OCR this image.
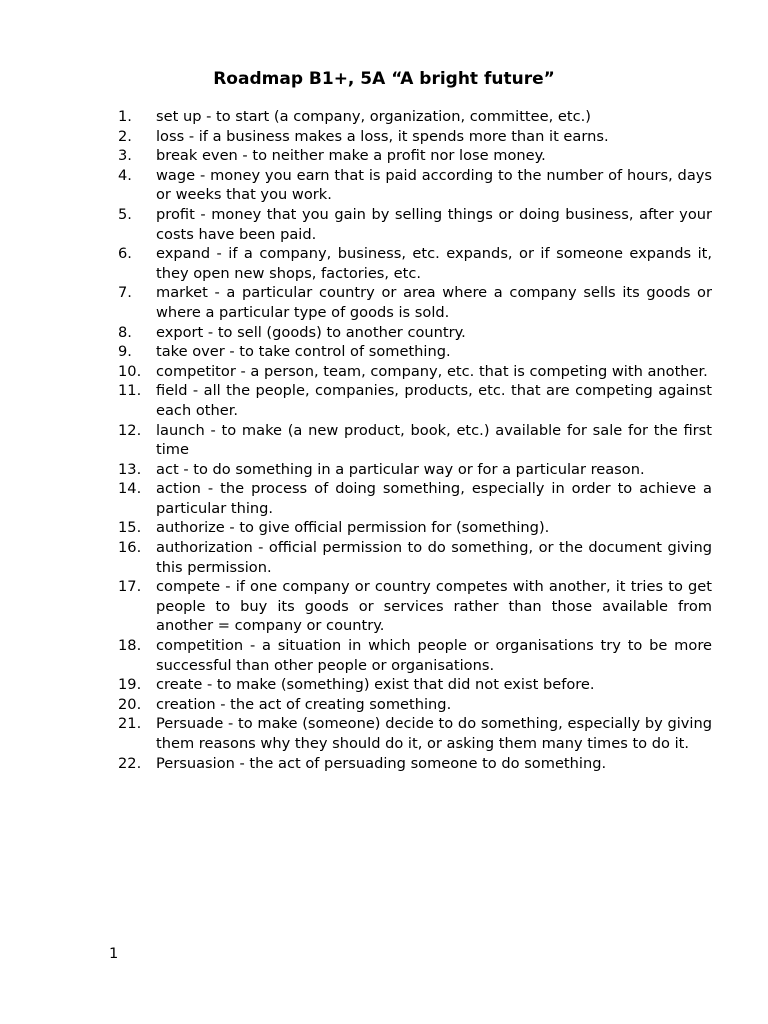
Roadmap B1+, 5A “A bright future”
1.	set up - to start (a company, organization, committee, etc.)
2.	loss - if a business makes a loss, it spends more than it earns.
3.	break even - to neither make a profit nor lose money.
4.	wage - money you earn that is paid according to the number of hours, days or weeks that you work.
5.	profit - money that you gain by selling things or doing business, after your costs have been paid.
6.	expand - if a company, business, etc. expands, or if someone expands it, they open new shops, factories, etc.
7.	market - a particular country or area where a company sells its goods or where a particular type of goods is sold.
8.	export - to sell (goods) to another country.
9.	take over - to take control of something.
10.	competitor - a person, team, company, etc. that is competing with another.
11.	field - all the people, companies, products, etc. that are competing against each other.
12.	launch - to make (a new product, book, etc.) available for sale for the first time
13.	act - to do something in a particular way or for a particular reason.
14.	action - the process of doing something, especially in order to achieve a particular thing.
15.	authorize - to give official permission for (something).
16.	authorization - official permission to do something, or the document giving this permission.
17.	compete - if one company or country competes with another, it tries to get people to buy its goods or services rather than those available from another = company or country.
18.	competition - a situation in which people or organisations try to be more successful than other people or organisations.
19.	create - to make (something) exist that did not exist before.
20.	creation - the act of creating something.
21.	Persuade - to make (someone) decide to do something, especially by giving them reasons why they should do it, or asking them many times to do it.
22.	Persuasion - the act of persuading someone to do something.
1
